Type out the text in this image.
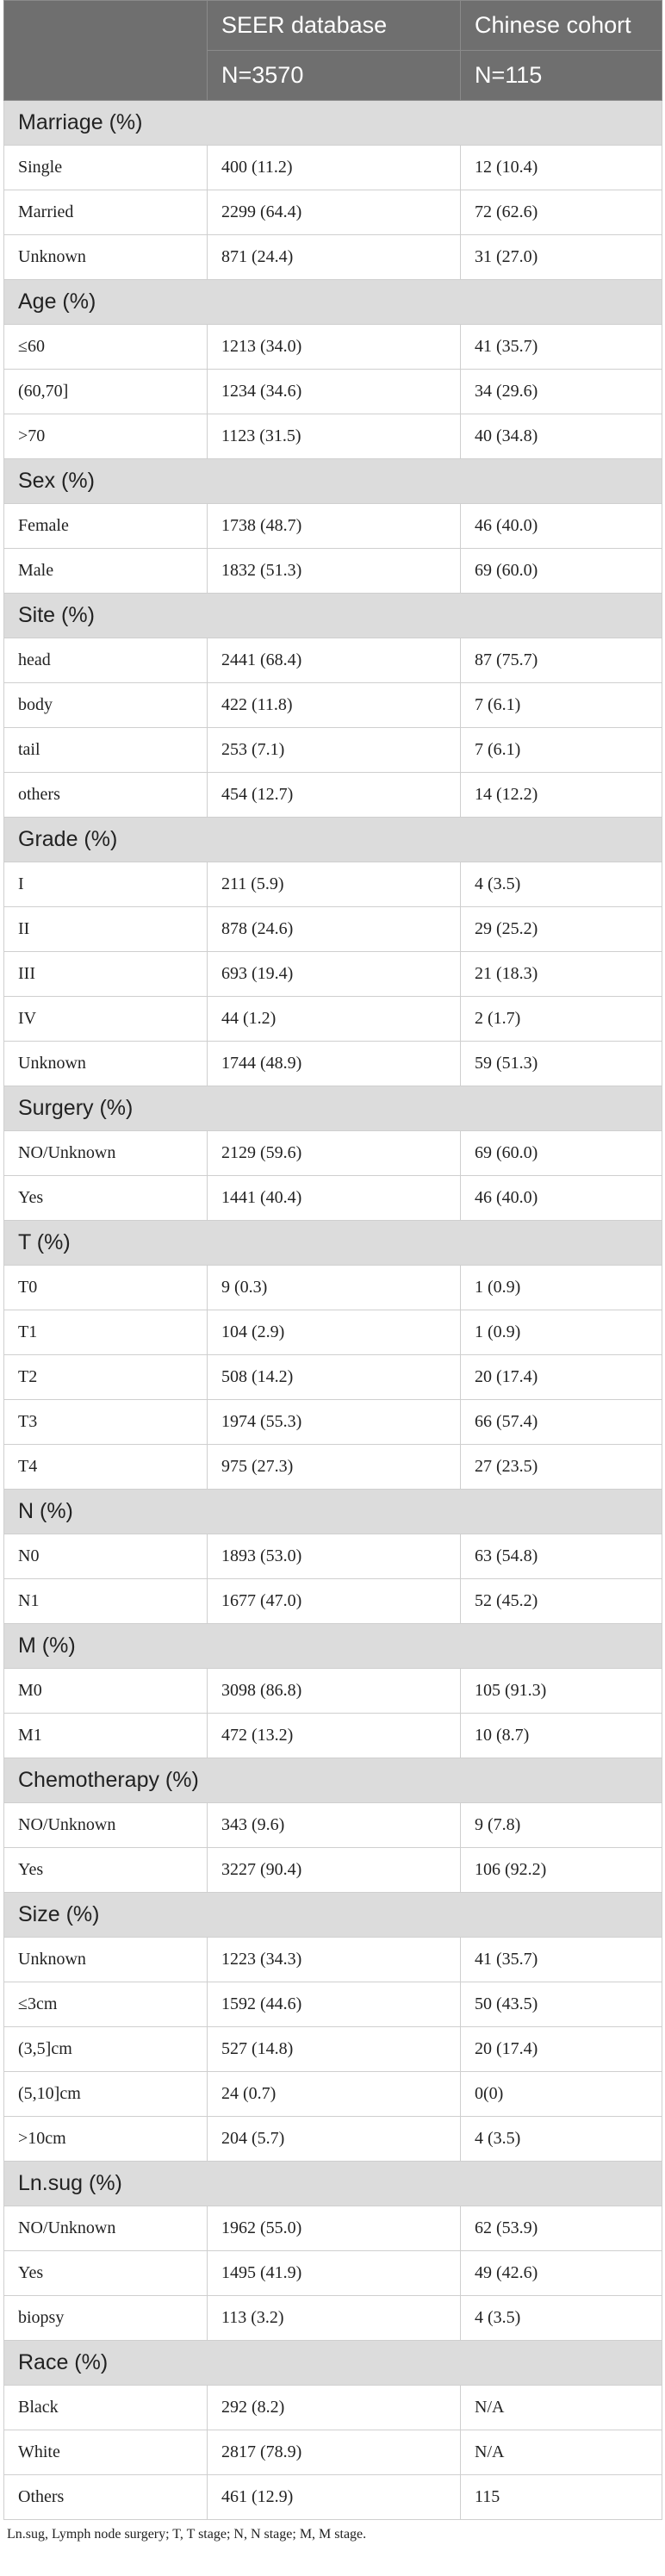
	SEER database	Chinese cohort
	N=3570	N=115
Marriage (%)		
Single	400 (11.2)	12 (10.4)
Married	2299 (64.4)	72 (62.6)
Unknown	871 (24.4)	31 (27.0)
Age (%)		
≤60	1213 (34.0)	41 (35.7)
(60,70]	1234 (34.6)	34 (29.6)
>70	1123 (31.5)	40 (34.8)
Sex (%)		
Female	1738 (48.7)	46 (40.0)
Male	1832 (51.3)	69 (60.0)
Site (%)		
head	2441 (68.4)	87 (75.7)
body	422 (11.8)	7 (6.1)
tail	253 (7.1)	7 (6.1)
others	454 (12.7)	14 (12.2)
Grade (%)		
I	211 (5.9)	4 (3.5)
II	878 (24.6)	29 (25.2)
III	693 (19.4)	21 (18.3)
IV	44 (1.2)	2 (1.7)
Unknown	1744 (48.9)	59 (51.3)
Surgery (%)		
NO/Unknown	2129 (59.6)	69 (60.0)
Yes	1441 (40.4)	46 (40.0)
T (%)		
T0	9 (0.3)	1 (0.9)
T1	104 (2.9)	1 (0.9)
T2	508 (14.2)	20 (17.4)
T3	1974 (55.3)	66 (57.4)
T4	975 (27.3)	27 (23.5)
N (%)		
N0	1893 (53.0)	63 (54.8)
N1	1677 (47.0)	52 (45.2)
M (%)		
M0	3098 (86.8)	105 (91.3)
M1	472 (13.2)	10 (8.7)
Chemotherapy (%)		
NO/Unknown	343 (9.6)	9 (7.8)
Yes	3227 (90.4)	106 (92.2)
Size (%)		
Unknown	1223 (34.3)	41 (35.7)
≤3cm	1592 (44.6)	50 (43.5)
(3,5]cm	527 (14.8)	20 (17.4)
(5,10]cm	24 (0.7)	0(0)
>10cm	204 (5.7)	4 (3.5)
Ln.sug (%)		
NO/Unknown	1962 (55.0)	62 (53.9)
Yes	1495 (41.9)	49 (42.6)
biopsy	113 (3.2)	4 (3.5)
Race (%)		
Black	292 (8.2)	N/A
White	2817 (78.9)	N/A
Others	461 (12.9)	115
Ln.sug, Lymph node surgery; T, T stage; N, N stage; M, M stage.
